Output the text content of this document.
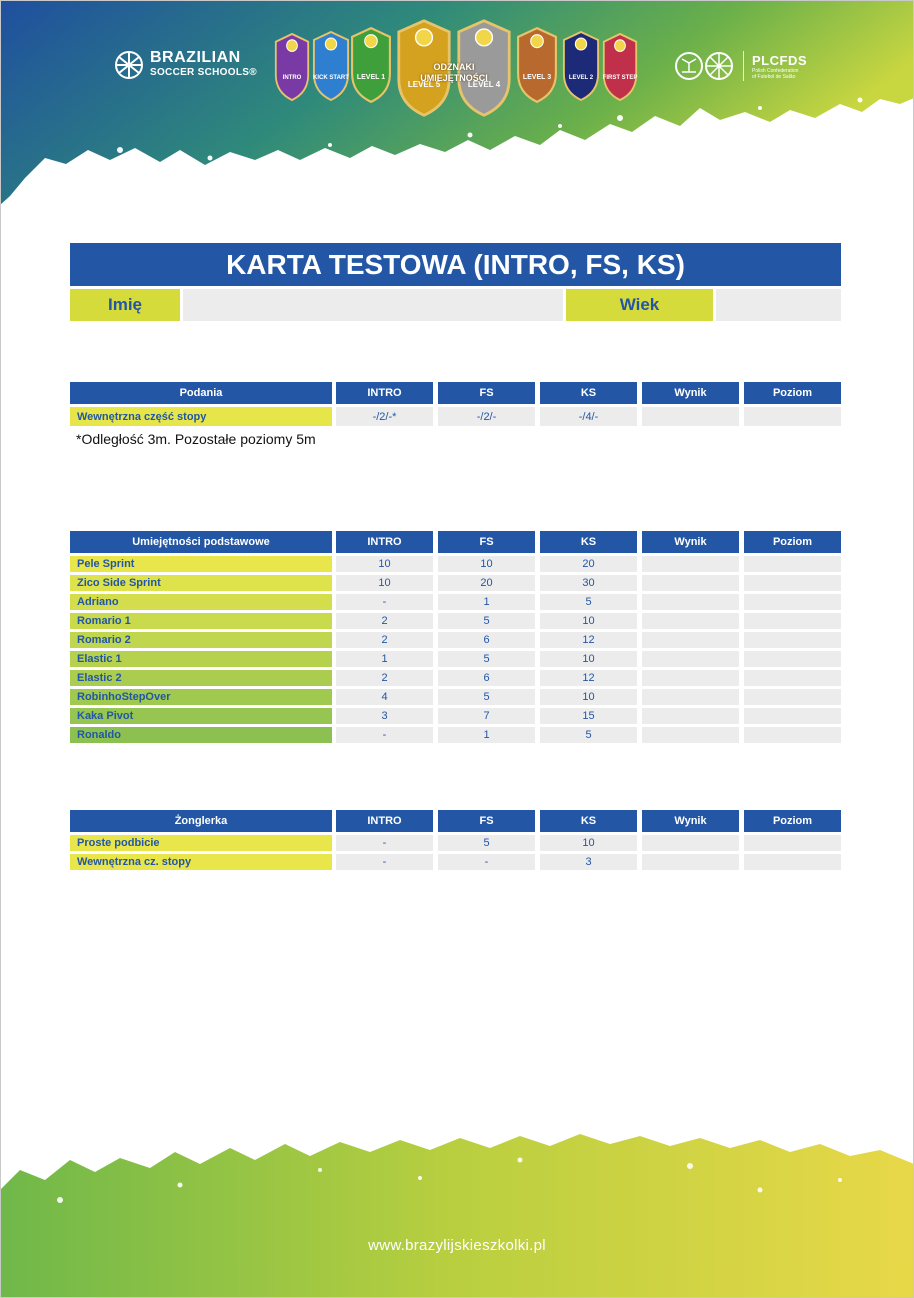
BRAZILIAN
SOCCER SCHOOLS®
INTRO	KICK START	LEVEL 1
LEVEL 5	LEVEL 4
LEVEL 3	LEVEL 2	FIRST STEP
ODZNAKI UMIEJĘTNOŚCI
PLCFDS
Polish Confederation
of Futebol de Salão
KARTA TESTOWA (INTRO, FS, KS)
Imię	Wiek
Podania	INTRO	FS	KS	Wynik	Poziom
Wewnętrzna część stopy	-/2/-*	-/2/-	-/4/-
Umiejętności podstawowe	INTRO	FS	KS	Wynik	Poziom
Pele Sprint	10	10	20
Zico Side Sprint	10	20	30
Adriano	-	1	5
Romario 1	2	5	10
Romario 2	2	6	12
Elastic 1	1	5	10
Elastic 2	2	6	12
RobinhoStepOver	4	5	10
Kaka Pivot	3	7	15
Ronaldo	-	1	5
Żonglerka	INTRO	FS	KS	Wynik	Poziom
Proste podbicie	-	5	10
Wewnętrzna cz. stopy	-	-	3
*Odległość 3m. Pozostałe poziomy 5m
www.brazylijskieszkolki.pl
